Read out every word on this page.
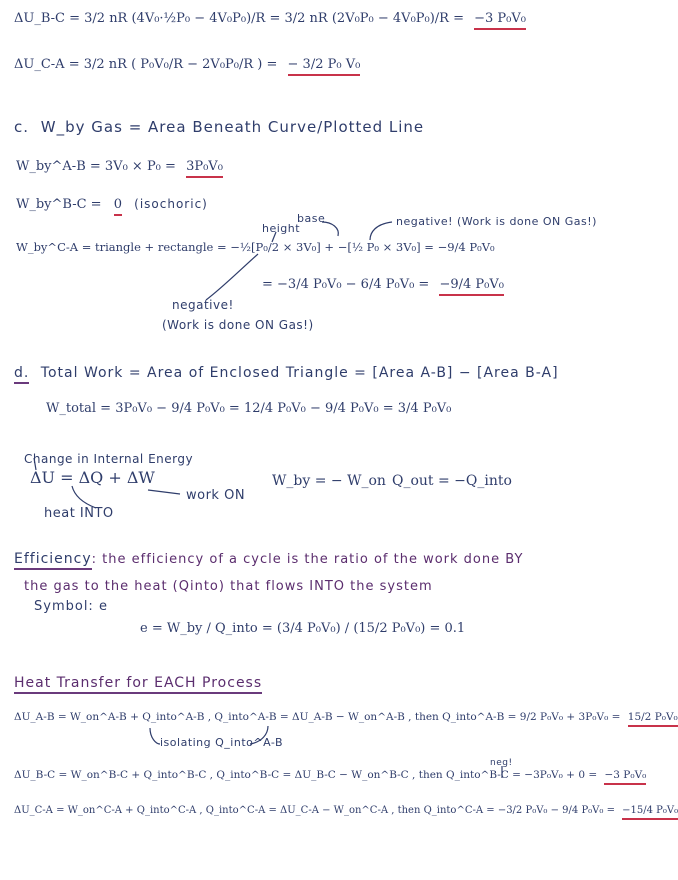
ΔU_B-C = 3/2 nR (4V₀·½P₀ − 4V₀P₀)/R = 3/2 nR (2V₀P₀ − 4V₀P₀)/R = −3 P₀V₀
ΔU_C-A = 3/2 nR ( P₀V₀/R − 2V₀P₀/R ) = − 3/2 P₀ V₀
c. W_by Gas = Area Beneath Curve/Plotted Line
W_by^A-B = 3V₀ × P₀ = 3P₀V₀
W_by^B-C = 0 (isochoric)
base
height
negative! (Work is done ON Gas!)
W_by^C-A = triangle + rectangle = −½[P₀/2 × 3V₀] + −[½ P₀ × 3V₀] = −9/4 P₀V₀
= −3/4 P₀V₀ − 6/4 P₀V₀ = −9/4 P₀V₀
negative!
(Work is done ON Gas!)
d. Total Work = Area of Enclosed Triangle = [Area A-B] − [Area B-A]
W_total = 3P₀V₀ − 9/4 P₀V₀ = 12/4 P₀V₀ − 9/4 P₀V₀ = 3/4 P₀V₀
Change in Internal Energy
ΔU = ΔQ + ΔW
work ON
heat INTO
W_by = − W_on Q_out = −Q_into
Efficiency: the efficiency of a cycle is the ratio of the work done BY
the gas to the heat (Qinto) that flows INTO the system
Symbol: e
e = W_by / Q_into = (3/4 P₀V₀) / (15/2 P₀V₀) = 0.1
Heat Transfer for EACH Process
ΔU_A-B = W_on^A-B + Q_into^A-B , Q_into^A-B = ΔU_A-B − W_on^A-B , then Q_into^A-B = 9/2 P₀V₀ + 3P₀V₀ = 15/2 P₀V₀
isolating Q_into^A-B
neg!
ΔU_B-C = W_on^B-C + Q_into^B-C , Q_into^B-C = ΔU_B-C − W_on^B-C , then Q_into^B-C = −3P₀V₀ + 0 = −3 P₀V₀
ΔU_C-A = W_on^C-A + Q_into^C-A , Q_into^C-A = ΔU_C-A − W_on^C-A , then Q_into^C-A = −3/2 P₀V₀ − 9/4 P₀V₀ = −15/4 P₀V₀
